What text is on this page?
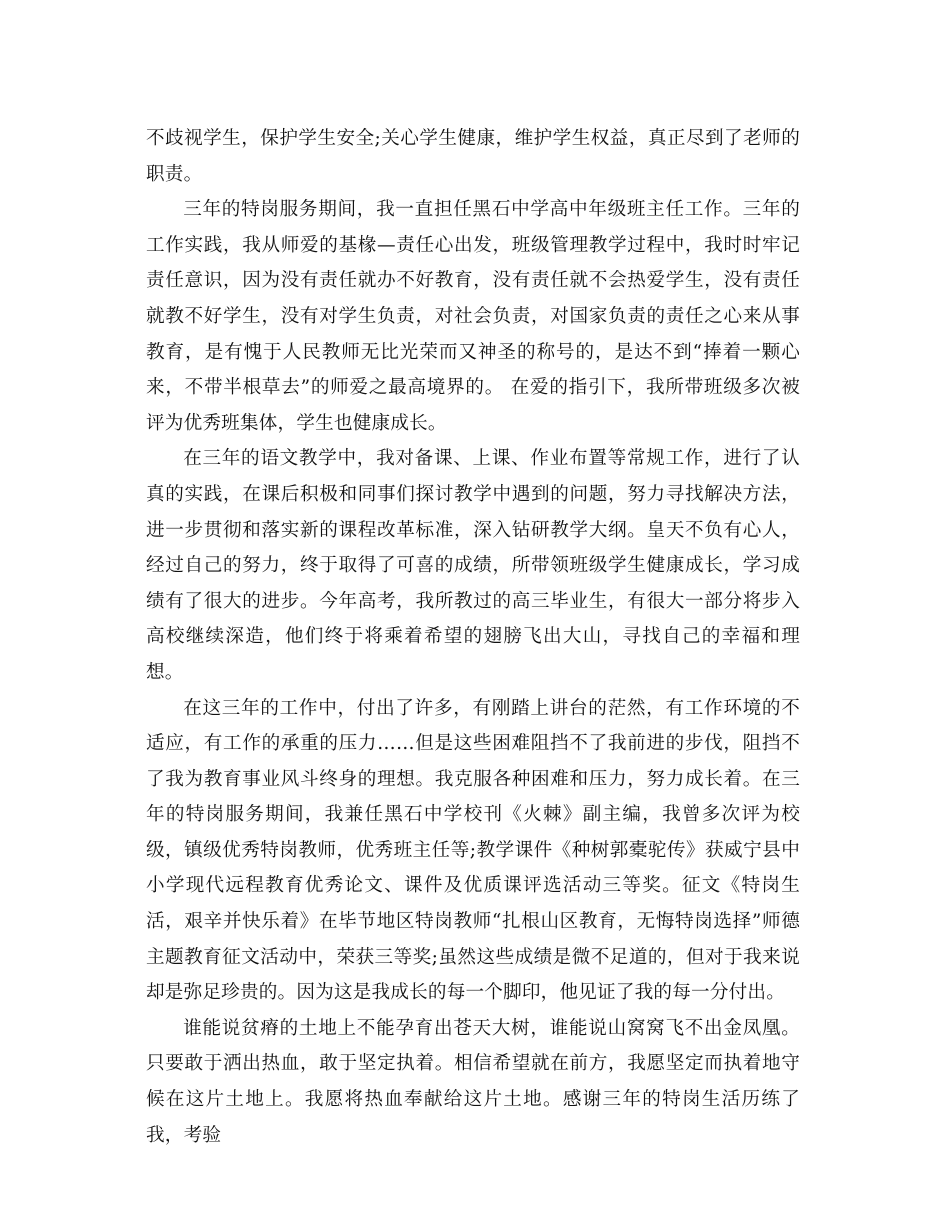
不歧视学生，保护学生安全;关心学生健康，维护学生权益，真正尽到了老师的职责。

三年的特岗服务期间，我一直担任黑石中学高中年级班主任工作。三年的工作实践，我从师爱的基椽—责任心出发，班级管理教学过程中，我时时牢记责任意识，因为没有责任就办不好教育，没有责任就不会热爱学生，没有责任就教不好学生，没有对学生负责，对社会负责，对国家负责的责任之心来从事教育，是有愧于人民教师无比光荣而又神圣的称号的，是达不到“捧着一颗心来，不带半根草去”的师爱之最高境界的。 在爱的指引下，我所带班级多次被评为优秀班集体，学生也健康成长。

在三年的语文教学中，我对备课、上课、作业布置等常规工作，进行了认真的实践，在课后积极和同事们探讨教学中遇到的问题，努力寻找解决方法，进一步贯彻和落实新的课程改革标准，深入钻研教学大纲。皇天不负有心人，经过自己的努力，终于取得了可喜的成绩，所带领班级学生健康成长，学习成绩有了很大的进步。今年高考，我所教过的高三毕业生，有很大一部分将步入高校继续深造，他们终于将乘着希望的翅膀飞出大山，寻找自己的幸福和理想。

在这三年的工作中，付出了许多，有刚踏上讲台的茫然，有工作环境的不适应，有工作的承重的压力……但是这些困难阻挡不了我前进的步伐，阻挡不了我为教育事业风斗终身的理想。我克服各种困难和压力，努力成长着。在三年的特岗服务期间，我兼任黑石中学校刊《火棘》副主编，我曾多次评为校级，镇级优秀特岗教师，优秀班主任等;教学课件《种树郭橐驼传》获威宁县中小学现代远程教育优秀论文、课件及优质课评选活动三等奖。征文《特岗生活，艰辛并快乐着》在毕节地区特岗教师“扎根山区教育，无悔特岗选择”师德主题教育征文活动中，荣获三等奖;虽然这些成绩是微不足道的，但对于我来说却是弥足珍贵的。因为这是我成长的每一个脚印，他见证了我的每一分付出。

谁能说贫瘠的土地上不能孕育出苍天大树，谁能说山窝窝飞不出金凤凰。只要敢于洒出热血，敢于坚定执着。相信希望就在前方，我愿坚定而执着地守候在这片土地上。我愿将热血奉献给这片土地。感谢三年的特岗生活历练了我，考验
